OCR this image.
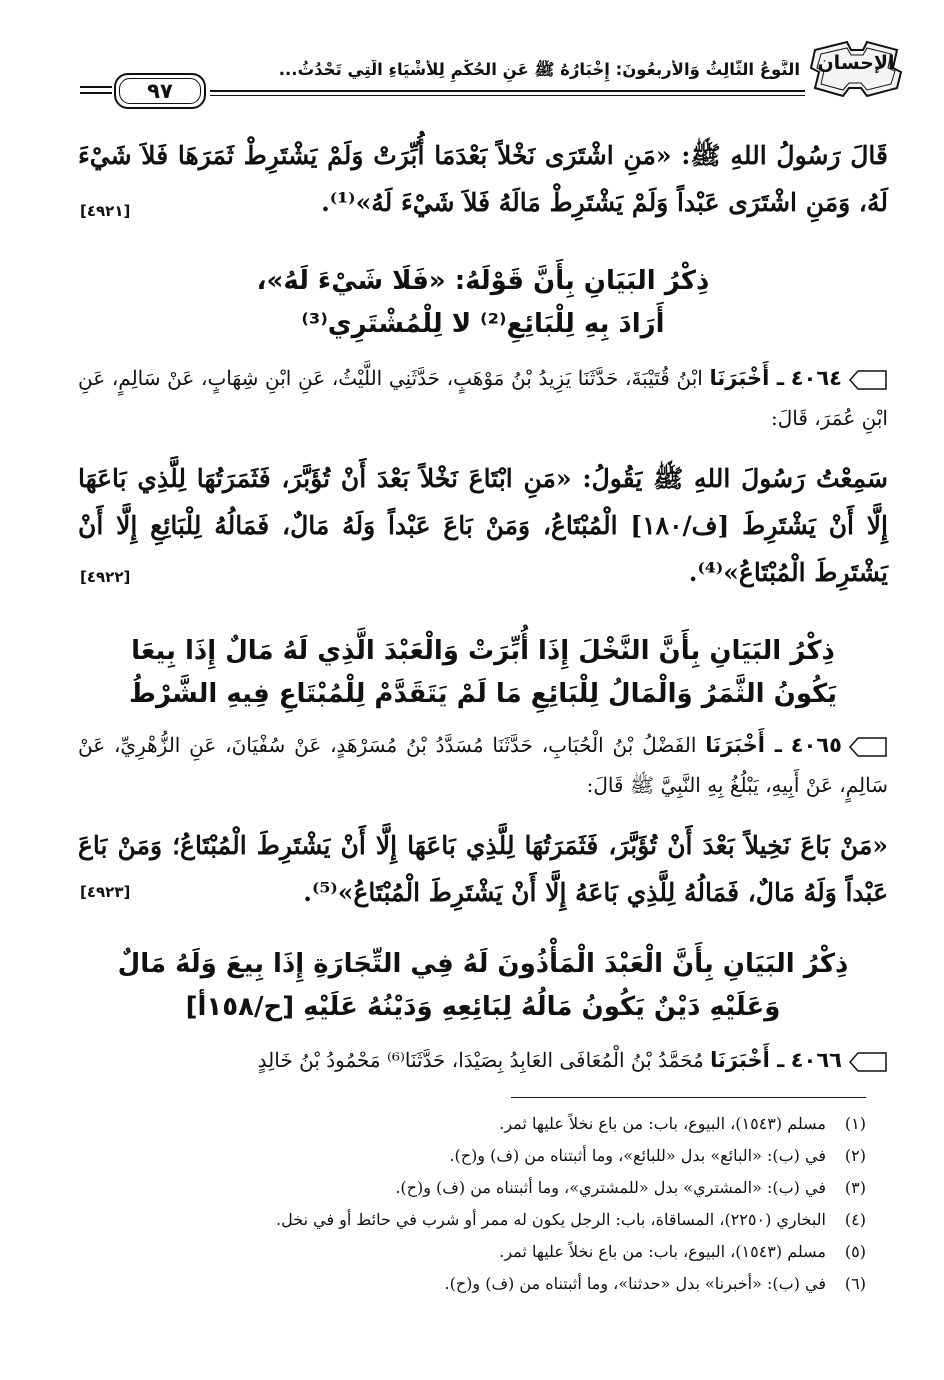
الإحسان
النَّوعُ الثَّالِثُ وَالأَربعُونَ: إِخْبَارُهُ ﷺ عَنِ الحُكْمِ لِلأَشْيَاءِ الَّتِي تَحْدُثُ...
٩٧
قَالَ رَسُولُ اللهِ ﷺ: «مَنِ اشْتَرَى نَخْلاً بَعْدَمَا أُبِّرَتْ وَلَمْ يَشْتَرِطْ ثَمَرَهَا فَلاَ شَيْءَ لَهُ، وَمَنِ اشْتَرَى عَبْداً وَلَمْ يَشْتَرِطْ مَالَهُ فَلاَ شَيْءَ لَهُ»⁽¹⁾.
[٤٩٢١]
ذِكْرُ البَيَانِ بِأَنَّ قَوْلَهُ: «فَلَا شَيْءَ لَهُ»،
أَرَادَ بِهِ لِلْبَائِعِ⁽²⁾ لا لِلْمُشْتَرِي⁽³⁾
٤٠٦٤ ـ أَخْبَرَنَا ابْنُ قُتَيْبَةَ، حَدَّثَنَا يَزِيدُ بْنُ مَوْهَبٍ، حَدَّثَنِي اللَّيْثُ، عَنِ ابْنِ شِهَابٍ، عَنْ سَالِمٍ، عَنِ ابْنِ عُمَرَ، قَالَ:
سَمِعْتُ رَسُولَ اللهِ ﷺ يَقُولُ: «مَنِ ابْتَاعَ نَخْلاً بَعْدَ أَنْ تُؤَبَّرَ، فَثَمَرَتُهَا لِلَّذِي بَاعَهَا إِلَّا أَنْ يَشْتَرِطَ [ف/١٨٠] الْمُبْتَاعُ، وَمَنْ بَاعَ عَبْداً وَلَهُ مَالٌ، فَمَالُهُ لِلْبَائِعِ إِلَّا أَنْ يَشْتَرِطَ الْمُبْتَاعُ»⁽⁴⁾.
[٤٩٢٢]
ذِكْرُ البَيَانِ بِأَنَّ النَّخْلَ إِذَا أُبِّرَتْ وَالْعَبْدَ الَّذِي لَهُ مَالٌ إِذَا بِيعَا
يَكُونُ الثَّمَرُ وَالْمَالُ لِلْبَائِعِ مَا لَمْ يَتَقَدَّمْ لِلْمُبْتَاعِ فِيهِ الشَّرْطُ
٤٠٦٥ ـ أَخْبَرَنَا الفَضْلُ بْنُ الْحُبَابِ، حَدَّثَنَا مُسَدَّدُ بْنُ مُسَرْهَدٍ، عَنْ سُفْيَانَ، عَنِ الزُّهْرِيِّ، عَنْ سَالِمٍ، عَنْ أَبِيهِ، يَبْلُغُ بِهِ النَّبِيَّ ﷺ قَالَ:
«مَنْ بَاعَ نَخِيلاً بَعْدَ أَنْ تُؤَبَّرَ، فَثَمَرَتُهَا لِلَّذِي بَاعَهَا إِلَّا أَنْ يَشْتَرِطَ الْمُبْتَاعُ؛ وَمَنْ بَاعَ عَبْداً وَلَهُ مَالٌ، فَمَالُهُ لِلَّذِي بَاعَهُ إِلَّا أَنْ يَشْتَرِطَ الْمُبْتَاعُ»⁽⁵⁾.
[٤٩٢٣]
ذِكْرُ البَيَانِ بِأَنَّ الْعَبْدَ الْمَأْذُونَ لَهُ فِي التِّجَارَةِ إِذَا بِيعَ وَلَهُ مَالٌ
وَعَلَيْهِ دَيْنٌ يَكُونُ مَالُهُ لِبَائِعِهِ وَدَيْنُهُ عَلَيْهِ [ح/١٥٨أ]
٤٠٦٦ ـ أَخْبَرَنَا مُحَمَّدُ بْنُ الْمُعَافَى العَابِدُ بِصَيْدَا، حَدَّثَنَا⁽⁶⁾ مَحْمُودُ بْنُ خَالِدٍ
(١)
مسلم (١٥٤٣)، البيوع، باب: من باع نخلاً عليها ثمر.
(٢)
في (ب): «البائع» بدل «للبائع»، وما أثبتناه من (ف) و(ح).
(٣)
في (ب): «المشتري» بدل «للمشتري»، وما أثبتناه من (ف) و(ح).
(٤)
البخاري (٢٢٥٠)، المساقاة، باب: الرجل يكون له ممر أو شرب في حائط أو في نخل.
(٥)
مسلم (١٥٤٣)، البيوع، باب: من باع نخلاً عليها ثمر.
(٦)
في (ب): «أخبرنا» بدل «حدثنا»، وما أثبتناه من (ف) و(ح).
